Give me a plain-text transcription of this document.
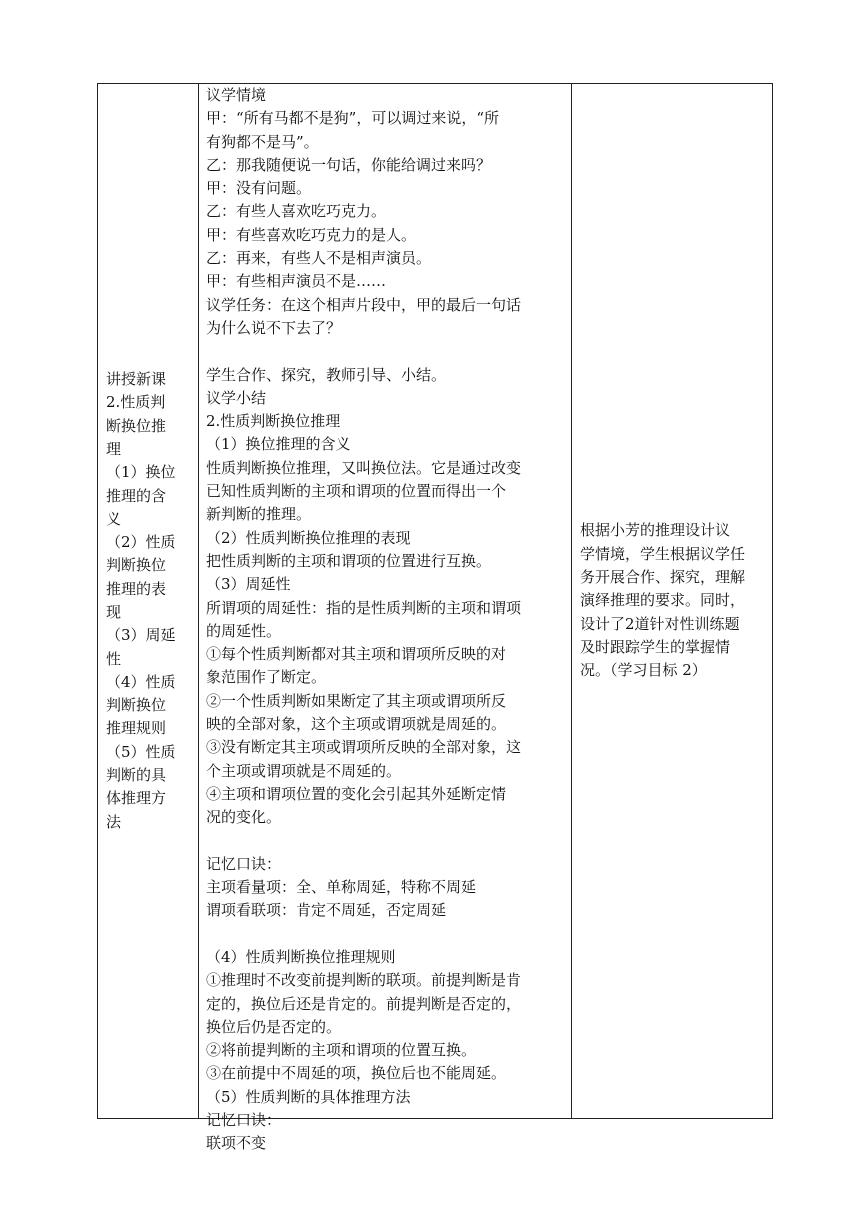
讲授新课
2.性质判
断换位推
理
（1）换位
推理的含
义
（2）性质
判断换位
推理的表
现
（3）周延
性
（4）性质
判断换位
推理规则
（5）性质
判断的具
体推理方
法
议学情境
甲：“所有马都不是狗”，可以调过来说，“所
有狗都不是马”。
乙：那我随便说一句话，你能给调过来吗？
甲：没有问题。
乙：有些人喜欢吃巧克力。
甲：有些喜欢吃巧克力的是人。
乙：再来，有些人不是相声演员。
甲：有些相声演员不是……
议学任务：在这个相声片段中，甲的最后一句话
为什么说不下去了？
学生合作、探究，教师引导、小结。
议学小结
2.性质判断换位推理
（1）换位推理的含义
性质判断换位推理，又叫换位法。它是通过改变
已知性质判断的主项和谓项的位置而得出一个
新判断的推理。
（2）性质判断换位推理的表现
把性质判断的主项和谓项的位置进行互换。
（3）周延性
所谓项的周延性：指的是性质判断的主项和谓项
的周延性。
①每个性质判断都对其主项和谓项所反映的对
象范围作了断定。
②一个性质判断如果断定了其主项或谓项所反
映的全部对象，这个主项或谓项就是周延的。
③没有断定其主项或谓项所反映的全部对象，这
个主项或谓项就是不周延的。
④主项和谓项位置的变化会引起其外延断定情
况的变化。
记忆口诀：
主项看量项：全、单称周延，特称不周延
谓项看联项：肯定不周延，否定周延
（4）性质判断换位推理规则
①推理时不改变前提判断的联项。前提判断是肯
定的，换位后还是肯定的。前提判断是否定的，
换位后仍是否定的。
②将前提判断的主项和谓项的位置互换。
③在前提中不周延的项，换位后也不能周延。
（5）性质判断的具体推理方法
记忆口诀：
联项不变
根据小芳的推理设计议
学情境，学生根据议学任
务开展合作、探究，理解
演绎推理的要求。同时，
设计了2道针对性训练题
及时跟踪学生的掌握情
况。（学习目标 2）
